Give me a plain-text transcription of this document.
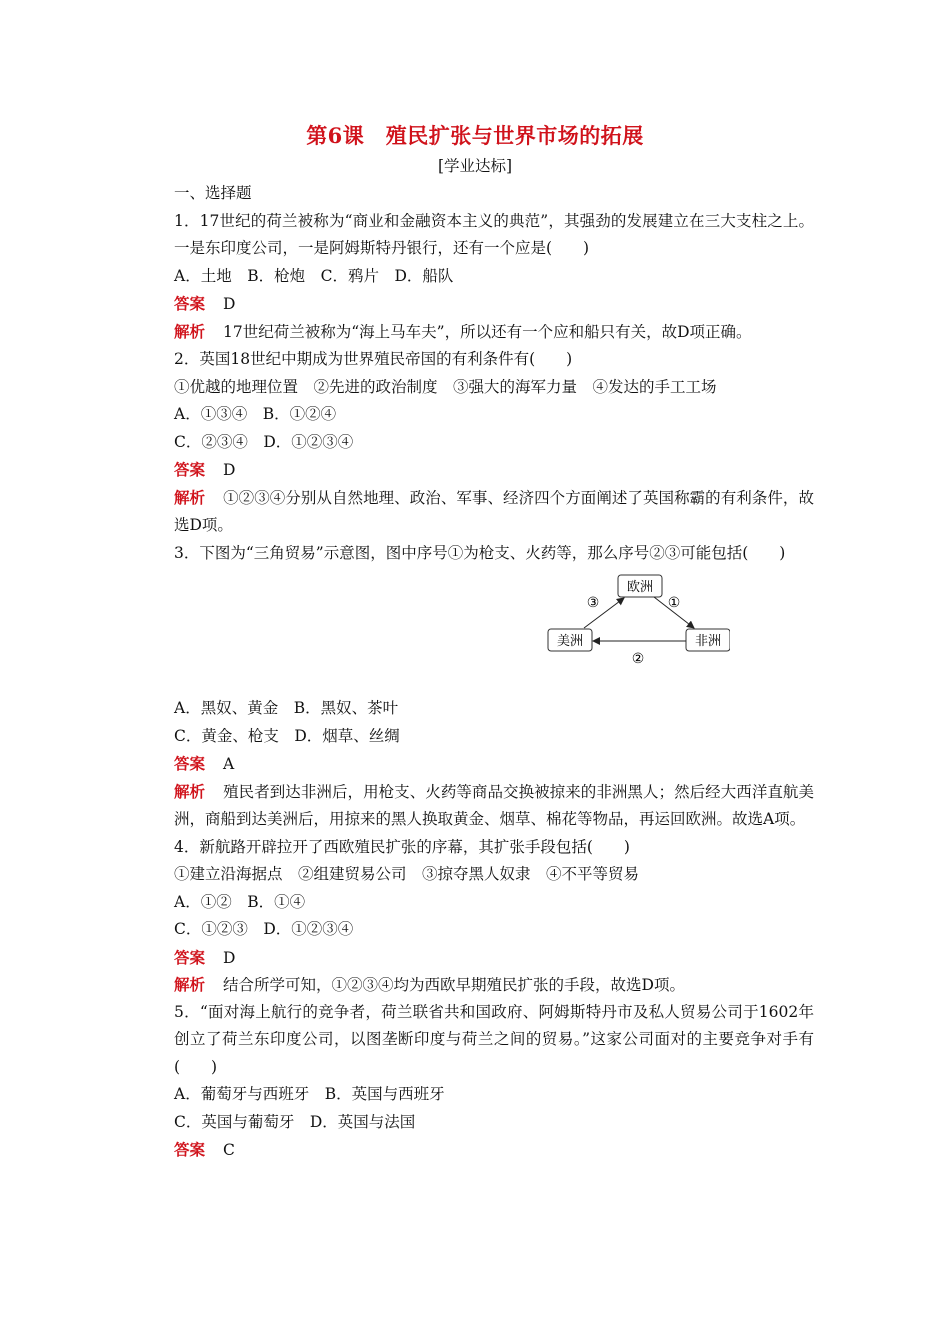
第6课　殖民扩张与世界市场的拓展
[学业达标]
一、选择题
1．17世纪的荷兰被称为“商业和金融资本主义的典范”，其强劲的发展建立在三大支柱之上。一是东印度公司，一是阿姆斯特丹银行，还有一个应是(　　)
A．土地　B．枪炮　C．鸦片　D．船队
答案 D
解析 17世纪荷兰被称为“海上马车夫”，所以还有一个应和船只有关，故D项正确。
2．英国18世纪中期成为世界殖民帝国的有利条件有(　　)
①优越的地理位置　②先进的政治制度　③强大的海军力量　④发达的手工工场
A．①③④　B．①②④
C．②③④　D．①②③④
答案 D
解析 ①②③④分别从自然地理、政治、军事、经济四个方面阐述了英国称霸的有利条件，故选D项。
3．下图为“三角贸易”示意图，图中序号①为枪支、火药等，那么序号②③可能包括(　　)
欧洲
美洲	非洲
①
②
③
A．黑奴、黄金　B．黑奴、茶叶
C．黄金、枪支　D．烟草、丝绸
答案 A
解析 殖民者到达非洲后，用枪支、火药等商品交换被掠来的非洲黑人；然后经大西洋直航美洲，商船到达美洲后，用掠来的黑人换取黄金、烟草、棉花等物品，再运回欧洲。故选A项。
4．新航路开辟拉开了西欧殖民扩张的序幕，其扩张手段包括(　　)
①建立沿海据点　②组建贸易公司　③掠夺黑人奴隶　④不平等贸易
A．①②　B．①④
C．①②③　D．①②③④
答案 D
解析 结合所学可知，①②③④均为西欧早期殖民扩张的手段，故选D项。
5．“面对海上航行的竞争者，荷兰联省共和国政府、阿姆斯特丹市及私人贸易公司于1602年创立了荷兰东印度公司，以图垄断印度与荷兰之间的贸易。”这家公司面对的主要竞争对手有(　　)
A．葡萄牙与西班牙　B．英国与西班牙
C．英国与葡萄牙　D．英国与法国
答案 C
